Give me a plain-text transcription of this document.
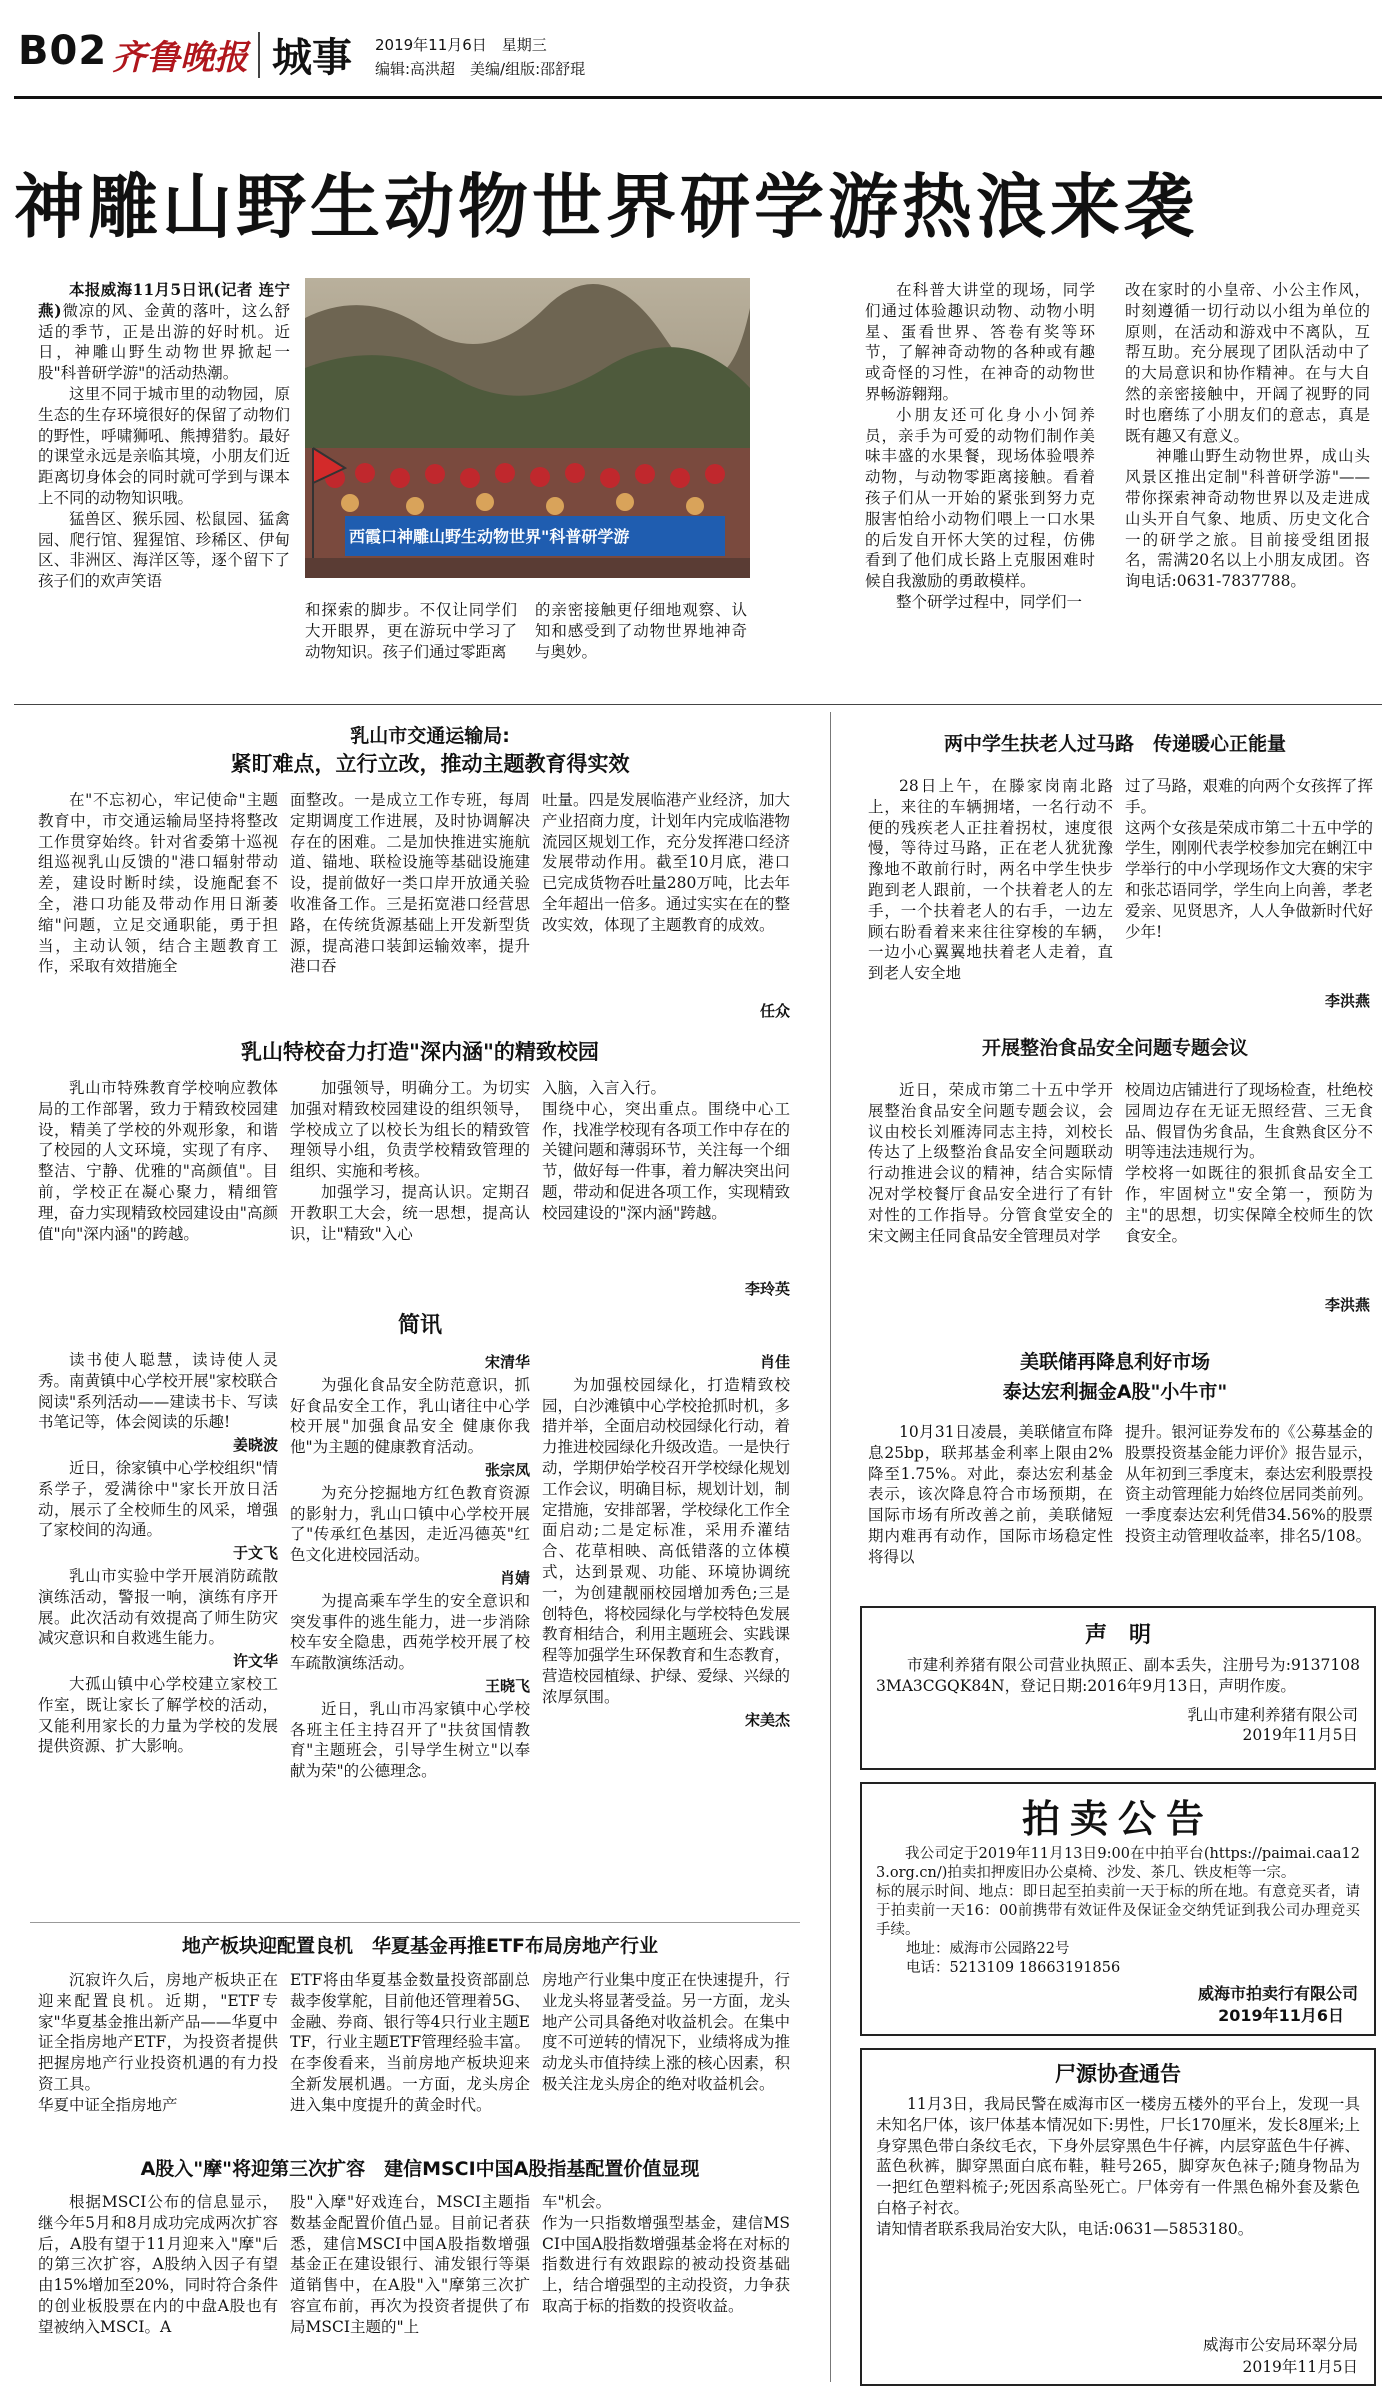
B02 齐鲁晚报 城事 2019年11月6日　星期三
编辑:高洪超　美编/组版:邵舒琨
神雕山野生动物世界研学游热浪来袭

本报威海11月5日讯(记者 连宁燕)微凉的风、金黄的落叶，这么舒适的季节，正是出游的好时机。近日，神雕山野生动物世界掀起一股"科普研学游"的活动热潮。

这里不同于城市里的动物园，原生态的生存环境很好的保留了动物们的野性，呼啸狮吼、熊搏猎豹。最好的课堂永远是亲临其境，小朋友们近距离切身体会的同时就可学到与课本上不同的动物知识哦。

猛兽区、猴乐园、松鼠园、猛禽园、爬行馆、猩猩馆、珍稀区、伊甸区、非洲区、海洋区等，逐个留下了孩子们的欢声笑语

西霞口神雕山野生动物世界"科普研学游

和探索的脚步。不仅让同学们大开眼界，更在游玩中学习了动物知识。孩子们通过零距离

的亲密接触更仔细地观察、认知和感受到了动物世界地神奇与奥妙。

在科普大讲堂的现场，同学们通过体验趣识动物、动物小明星、蛋看世界、答卷有奖等环节，了解神奇动物的各种或有趣或奇怪的习性，在神奇的动物世界畅游翱翔。

小朋友还可化身小小饲养员，亲手为可爱的动物们制作美味丰盛的水果餐，现场体验喂养动物，与动物零距离接触。看着孩子们从一开始的紧张到努力克服害怕给小动物们喂上一口水果的后发自开怀大笑的过程，仿佛看到了他们成长路上克服困难时候自我激励的勇敢模样。

整个研学过程中，同学们一

改在家时的小皇帝、小公主作风，时刻遵循一切行动以小组为单位的原则，在活动和游戏中不离队，互帮互助。充分展现了团队活动中了的大局意识和协作精神。在与大自然的亲密接触中，开阔了视野的同时也磨练了小朋友们的意志，真是既有趣又有意义。

神雕山野生动物世界，成山头风景区推出定制"科普研学游"——带你探索神奇动物世界以及走进成山头开自气象、地质、历史文化合一的研学之旅。目前接受组团报名，需满20名以上小朋友成团。咨询电话:0631-7837788。

乳山市交通运输局:
紧盯难点，立行立改，推动主题教育得实效

在"不忘初心，牢记使命"主题教育中，市交通运输局坚持将整改工作贯穿始终。针对省委第十巡视组巡视乳山反馈的"港口辐射带动差，建设时断时续，设施配套不全，港口功能及带动作用日渐萎缩"问题，立足交通职能，勇于担当，主动认领，结合主题教育工作，采取有效措施全

面整改。一是成立工作专班，每周定期调度工作进展，及时协调解决存在的困难。二是加快推进实施航道、锚地、联检设施等基础设施建设，提前做好一类口岸开放通关验收准备工作。三是拓宽港口经营思路，在传统货源基础上开发新型货源，提高港口装卸运输效率，提升港口吞

吐量。四是发展临港产业经济，加大产业招商力度，计划年内完成临港物流园区规划工作，充分发挥港口经济发展带动作用。截至10月底，港口已完成货物吞吐量280万吨，比去年全年超出一倍多。通过实实在在的整改实效，体现了主题教育的成效。

任众
乳山特校奋力打造"深内涵"的精致校园

乳山市特殊教育学校响应教体局的工作部署，致力于精致校园建设，精美了学校的外观形象，和谐了校园的人文环境，实现了有序、整洁、宁静、优雅的"高颜值"。目前，学校正在凝心聚力，精细管理，奋力实现精致校园建设由"高颜值"向"深内涵"的跨越。

加强领导，明确分工。为切实加强对精致校园建设的组织领导，学校成立了以校长为组长的精致管理领导小组，负责学校精致管理的组织、实施和考核。

加强学习，提高认识。定期召开教职工大会，统一思想，提高认识，让"精致"入心

入脑，入言入行。
围绕中心，突出重点。围绕中心工作，找准学校现有各项工作中存在的关键问题和薄弱环节，关注每一个细节，做好每一件事，着力解决突出问题，带动和促进各项工作，实现精致校园建设的"深内涵"跨越。

李玲英
简讯

读书使人聪慧，读诗使人灵秀。南黄镇中心学校开展"家校联合阅读"系列活动——建读书卡、写读书笔记等，体会阅读的乐趣!

姜晓波

近日，徐家镇中心学校组织"情系学子，爱满徐中"家长开放日活动，展示了全校师生的风采，增强了家校间的沟通。

于文飞

乳山市实验中学开展消防疏散演练活动，警报一响，演练有序开展。此次活动有效提高了师生防灾减灾意识和自救逃生能力。

许文华

大孤山镇中心学校建立家校工作室，既让家长了解学校的活动，又能利用家长的力量为学校的发展提供资源、扩大影响。

宋清华

为强化食品安全防范意识，抓好食品安全工作，乳山诸往中心学校开展"加强食品安全 健康你我他"为主题的健康教育活动。

张宗凤

为充分挖掘地方红色教育资源的影射力，乳山口镇中心学校开展了"传承红色基因，走近冯德英"红色文化进校园活动。

肖婧

为提高乘车学生的安全意识和突发事件的逃生能力，进一步消除校车安全隐患，西苑学校开展了校车疏散演练活动。

王晓飞

近日，乳山市冯家镇中心学校各班主任主持召开了"扶贫国情教育"主题班会，引导学生树立"以奉献为荣"的公德理念。

肖佳

为加强校园绿化，打造精致校园，白沙滩镇中心学校抢抓时机，多措并举，全面启动校园绿化行动，着力推进校园绿化升级改造。一是快行动，学期伊始学校召开学校绿化规划工作会议，明确目标，规划计划，制定措施，安排部署，学校绿化工作全面启动;二是定标准，采用乔灌结合、花草相映、高低错落的立体模式，达到景观、功能、环境协调统一，为创建靓丽校园增加秀色;三是创特色，将校园绿化与学校特色发展教育相结合，利用主题班会、实践课程等加强学生环保教育和生态教育，营造校园植绿、护绿、爱绿、兴绿的浓厚氛围。

宋美杰
地产板块迎配置良机　华夏基金再推ETF布局房地产行业

沉寂许久后，房地产板块正在迎来配置良机。近期，"ETF专家"华夏基金推出新产品——华夏中证全指房地产ETF，为投资者提供把握房地产行业投资机遇的有力投资工具。
华夏中证全指房地产

ETF将由华夏基金数量投资部副总裁李俊掌舵，目前他还管理着5G、金融、券商、银行等4只行业主题ETF，行业主题ETF管理经验丰富。在李俊看来，当前房地产板块迎来全新发展机遇。一方面，龙头房企进入集中度提升的黄金时代。

房地产行业集中度正在快速提升，行业龙头将显著受益。另一方面，龙头地产公司具备绝对收益机会。在集中度不可逆转的情况下，业绩将成为推动龙头市值持续上涨的核心因素，积极关注龙头房企的绝对收益机会。

A股入"摩"将迎第三次扩容　建信MSCI中国A股指基配置价值显现

根据MSCI公布的信息显示，继今年5月和8月成功完成两次扩容后，A股有望于11月迎来入"摩"后的第三次扩容，A股纳入因子有望由15%增加至20%，同时符合条件的创业板股票在内的中盘A股也有望被纳入MSCI。A

股"入摩"好戏连台，MSCI主题指数基金配置价值凸显。目前记者获悉，建信MSCI中国A股指数增强基金正在建设银行、浦发银行等渠道销售中，在A股"入"摩第三次扩容宣布前，再次为投资者提供了布局MSCI主题的"上

车"机会。
作为一只指数增强型基金，建信MSCI中国A股指数增强基金将在对标的指数进行有效跟踪的被动投资基础上，结合增强型的主动投资，力争获取高于标的指数的投资收益。

两中学生扶老人过马路　传递暖心正能量

28日上午，在滕家岗南北路上，来往的车辆拥堵，一名行动不便的残疾老人正拄着拐杖，速度很慢，等待过马路，正在老人犹犹豫豫地不敢前行时，两名中学生快步跑到老人跟前，一个扶着老人的左手，一个扶着老人的右手，一边左顾右盼看着来来往往穿梭的车辆，一边小心翼翼地扶着老人走着，直到老人安全地

过了马路，艰难的向两个女孩挥了挥手。
这两个女孩是荣成市第二十五中学的学生，刚刚代表学校参加完在蜊江中学举行的中小学现场作文大赛的宋宇和张芯语同学，学生向上向善，孝老爱亲、见贤思齐，人人争做新时代好少年!

李洪燕
开展整治食品安全问题专题会议

近日，荣成市第二十五中学开展整治食品安全问题专题会议，会议由校长刘雁涛同志主持，刘校长传达了上级整治食品安全问题联动行动推进会议的精神，结合实际情况对学校餐厅食品安全进行了有针对性的工作指导。分管食堂安全的宋文阙主任同食品安全管理员对学

校周边店铺进行了现场检查，杜绝校园周边存在无证无照经营、三无食品、假冒伪劣食品，生食熟食区分不明等违法违规行为。
学校将一如既往的狠抓食品安全工作，牢固树立"安全第一，预防为主"的思想，切实保障全校师生的饮食安全。

李洪燕
美联储再降息利好市场
泰达宏利掘金A股"小牛市"

10月31日凌晨，美联储宣布降息25bp，联邦基金利率上限由2%降至1.75%。对此，泰达宏利基金表示，该次降息符合市场预期，在国际市场有所改善之前，美联储短期内难再有动作，国际市场稳定性将得以

提升。银河证券发布的《公募基金的股票投资基金能力评价》报告显示，从年初到三季度末，泰达宏利股票投资主动管理能力始终位居同类前列。一季度泰达宏利凭借34.56%的股票投资主动管理收益率，排名5/108。

声　明

市建利养猪有限公司营业执照正、副本丢失，注册号为:91371083MA3CGQK84N，登记日期:2016年9月13日，声明作废。

乳山市建利养猪有限公司
2019年11月5日
拍卖公告

我公司定于2019年11月13日9:00在中拍平台(https://paimai.caa123.org.cn/)拍卖扣押废旧办公桌椅、沙发、茶几、铁皮柜等一宗。
标的展示时间、地点：即日起至拍卖前一天于标的所在地。有意竞买者，请于拍卖前一天16：00前携带有效证件及保证金交纳凭证到我公司办理竞买手续。

地址：威海市公园路22号
电话：5213109 18663191856
威海市拍卖行有限公司
2019年11月6日
尸源协查通告

11月3日，我局民警在威海市区一楼房五楼外的平台上，发现一具未知名尸体，该尸体基本情况如下:男性，尸长170厘米，发长8厘米;上身穿黑色带白条纹毛衣，下身外层穿黑色牛仔裤，内层穿蓝色牛仔裤、蓝色秋裤，脚穿黑面白底布鞋，鞋号265，脚穿灰色袜子;随身物品为一把红色塑料梳子;死因系高坠死亡。尸体旁有一件黑色棉外套及紫色白格子衬衣。
请知情者联系我局治安大队，电话:0631—5853180。

威海市公安局环翠分局
2019年11月5日
